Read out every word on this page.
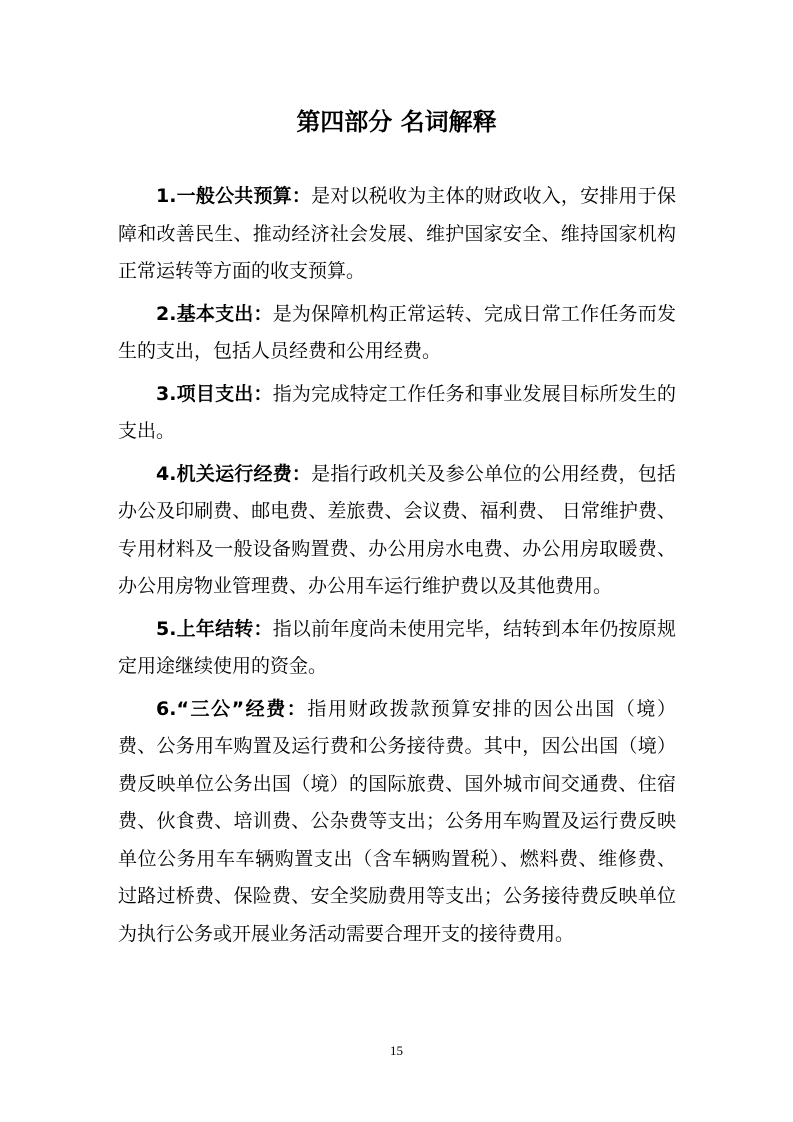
第四部分 名词解释

1.一般公共预算：是对以税收为主体的财政收入，安排用于保障和改善民生、推动经济社会发展、维护国家安全、维持国家机构正常运转等方面的收支预算。

2.基本支出：是为保障机构正常运转、完成日常工作任务而发生的支出，包括人员经费和公用经费。

3.项目支出：指为完成特定工作任务和事业发展目标所发生的支出。

4.机关运行经费：是指行政机关及参公单位的公用经费，包括办公及印刷费、邮电费、差旅费、会议费、福利费、 日常维护费、专用材料及一般设备购置费、办公用房水电费、办公用房取暖费、办公用房物业管理费、办公用车运行维护费以及其他费用。

5.上年结转：指以前年度尚未使用完毕，结转到本年仍按原规定用途继续使用的资金。

6.“三公”经费：指用财政拨款预算安排的因公出国（境）费、公务用车购置及运行费和公务接待费。其中，因公出国（境）费反映单位公务出国（境）的国际旅费、国外城市间交通费、住宿费、伙食费、培训费、公杂费等支出；公务用车购置及运行费反映单位公务用车车辆购置支出（含车辆购置税）、燃料费、维修费、过路过桥费、保险费、安全奖励费用等支出；公务接待费反映单位为执行公务或开展业务活动需要合理开支的接待费用。

15
